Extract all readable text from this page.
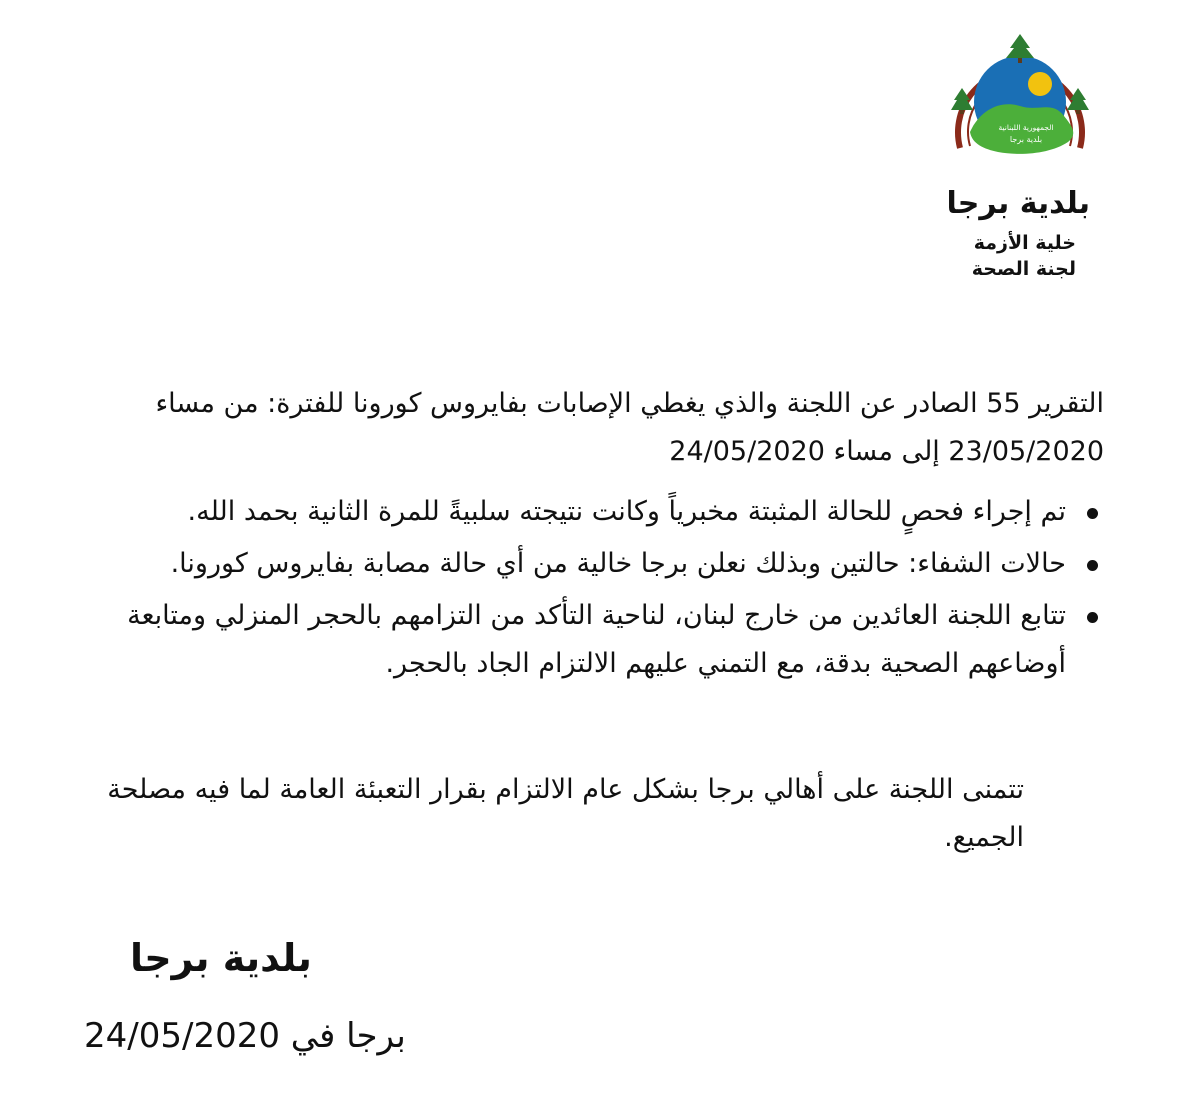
الجمهورية اللبنانية
بلدية برجا
بلدية برجا
خلية الأزمة
لجنة الصحة
التقرير 55 الصادر عن اللجنة والذي يغطي الإصابات بفايروس كورونا للفترة: من مساء 23/05/2020 إلى مساء 24/05/2020
تم إجراء فحصٍ للحالة المثبتة مخبرياً وكانت نتيجته سلبيةً للمرة الثانية بحمد الله.
حالات الشفاء: حالتين وبذلك نعلن برجا خالية من أي حالة مصابة بفايروس كورونا.
تتابع اللجنة العائدين من خارج لبنان، لناحية التأكد من التزامهم بالحجر المنزلي ومتابعة أوضاعهم الصحية بدقة، مع التمني عليهم الالتزام الجاد بالحجر.
تتمنى اللجنة على أهالي برجا بشكل عام الالتزام بقرار التعبئة العامة لما فيه مصلحة الجميع.
بلدية برجا
برجا في 24/05/2020
